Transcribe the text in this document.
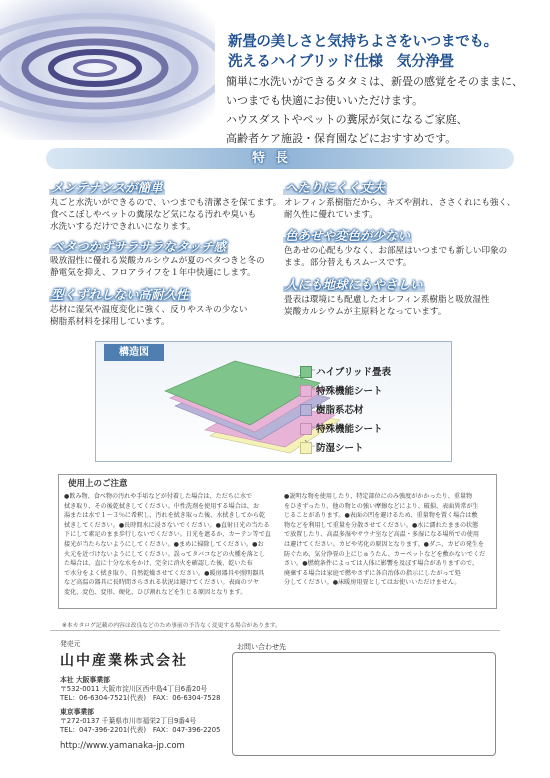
新畳の美しさと気持ちよさをいつまでも。
洗えるハイブリッド仕様　気分浄畳
簡単に水洗いができるタタミは、新畳の感覚をそのままに、
いつまでも快適にお使いいただけます。
ハウスダストやペットの糞尿が気になるご家庭、
高齢者ケア施設・保育園などにおすすめです。
特長
メンテナンスが簡単
丸ごと水洗いができるので、いつまでも清潔さを保てます。
食べこぼしやペットの糞尿など気になる汚れや臭いも
水洗いするだけできれいになります。
ベタつかずサラサラなタッチ感
吸放湿性に優れる炭酸カルシウムが夏のベタつきと冬の
静電気を抑え、フロアライフを１年中快適にします。
型くずれしない高耐久性
芯材に湿気や温度変化に強く、反りやスキの少ない
樹脂系材料を採用しています。
へたりにくく丈夫
オレフィン系樹脂だから、キズや割れ、ささくれにも強く、
耐久性に優れています。
色あせや変色が少ない
色あせの心配も少なく、お部屋はいつまでも新しい印象の
まま。部分替えもスムースです。
人にも地球にもやさしい
畳表は環境にも配慮したオレフィン系樹脂と吸放湿性
炭酸カルシウムが主原料となっています。
構造図
ハイブリッド畳表
特殊機能シート
樹脂系芯材
特殊機能シート
防湿シート
使用上のご注意
●飲み物、食べ物の汚れや手垢などが付着した場合は、ただちに水で
拭き取り、その後乾拭きしてください。中性洗剤を使用する場合は、お
湯または水で１～３％に希釈し、汚れを拭き取った後、水拭きしてから乾
拭きしてください。●長時間水に浸さないでください。●直射日光の当たる
下にして素足のまま歩行しないでください。日光を遮るか、カーテン等で直
接光が当たらないようにしてください。●まめに掃除してください。●お
火元を近づけないようにしてください。誤ってタバコなどの火種を落とし
た場合は、直に十分な水をかけ、完全に消火を確認した後、乾いた布
で水分をよく拭き取り、自然乾燥させてください。●暖房器具や照明器具
など高温の器具に長時間さらされる状況は避けてください。表面のツヤ
変化、変色、変形、硬化、ひび割れなどを生じる原因となります。
●説明な物を使用したり、特定部位にのみ強度がかかったり、重量物
をひきずったり、他の物との強い摩擦などにより、破損、表面異常が生
じることがあります。●表面の凹を避けるため、重量物を置く場合は敷
物などを利用して重量を分散させてください。●水に濡れたままの状態
で放置したり、高温多湿やサウナ室など高温・多湿になる場所での使用
は避けてください。カビや劣化の原因となります。●ダニ、カビの発生を
防ぐため、気分浄畳の上にじゅうたん、カーペットなどを敷かないでくだ
さい。●燃焼条件によっては人体に影響を及ぼす場合がありますので、
廃棄する場合は家庭で燃やさずに各自治体の指示にしたがって処
分してください。●床暖房用畳としてはお使いいただけません。
※本カタログ記載の内容は改良などのため事前の予告なく変更する場合があります。
発売元
山中産業株式会社
本社 大阪事業部
〒532-0011 大阪市淀川区西中島4丁目6番20号
TEL：06-6304-7521(代表)　FAX：06-6304-7528
東京事業部
〒272-0137 千葉県市川市福栄2丁目9番4号
TEL：047-396-2201(代表)　FAX：047-396-2205
http://www.yamanaka-jp.com
お問い合わせ先
